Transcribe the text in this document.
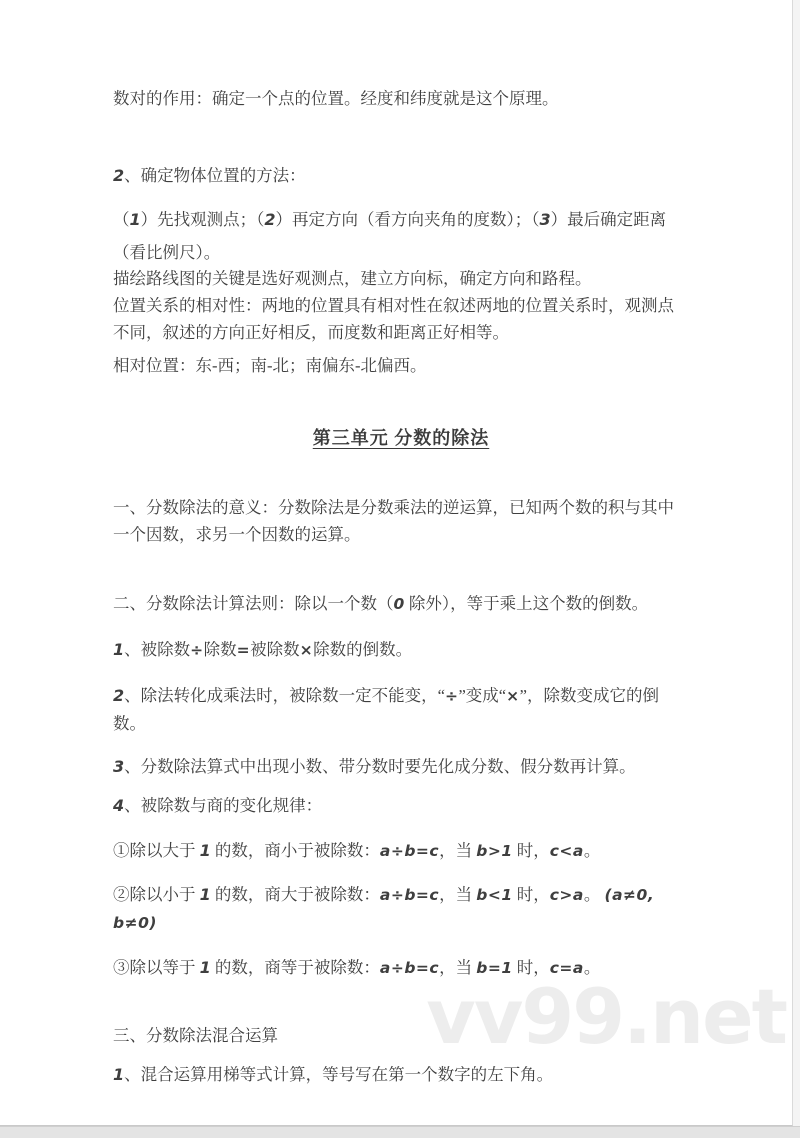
vv99.net
数对的作用：确定一个点的位置。经度和纬度就是这个原理。
2、确定物体位置的方法：
（1）先找观测点；（2）再定方向（看方向夹角的度数）；（3）最后确定距离（看比例尺）。
描绘路线图的关键是选好观测点，建立方向标，确定方向和路程。
位置关系的相对性：两地的位置具有相对性在叙述两地的位置关系时，观测点不同，叙述的方向正好相反，而度数和距离正好相等。
相对位置：东-西；南-北；南偏东-北偏西。
第三单元 分数的除法
一、分数除法的意义：分数除法是分数乘法的逆运算，已知两个数的积与其中一个因数，求另一个因数的运算。
二、分数除法计算法则：除以一个数（0 除外），等于乘上这个数的倒数。
1、被除数÷除数=被除数×除数的倒数。
2、除法转化成乘法时，被除数一定不能变，“÷”变成“×”，除数变成它的倒数。
3、分数除法算式中出现小数、带分数时要先化成分数、假分数再计算。
4、被除数与商的变化规律：
①除以大于 1 的数，商小于被除数：a÷b=c，当 b>1 时，c<a。
②除以小于 1 的数，商大于被除数：a÷b=c，当 b<1 时，c>a。 (a≠0, b≠0)
③除以等于 1 的数，商等于被除数：a÷b=c，当 b=1 时，c=a。
三、分数除法混合运算
1、混合运算用梯等式计算，等号写在第一个数字的左下角。
